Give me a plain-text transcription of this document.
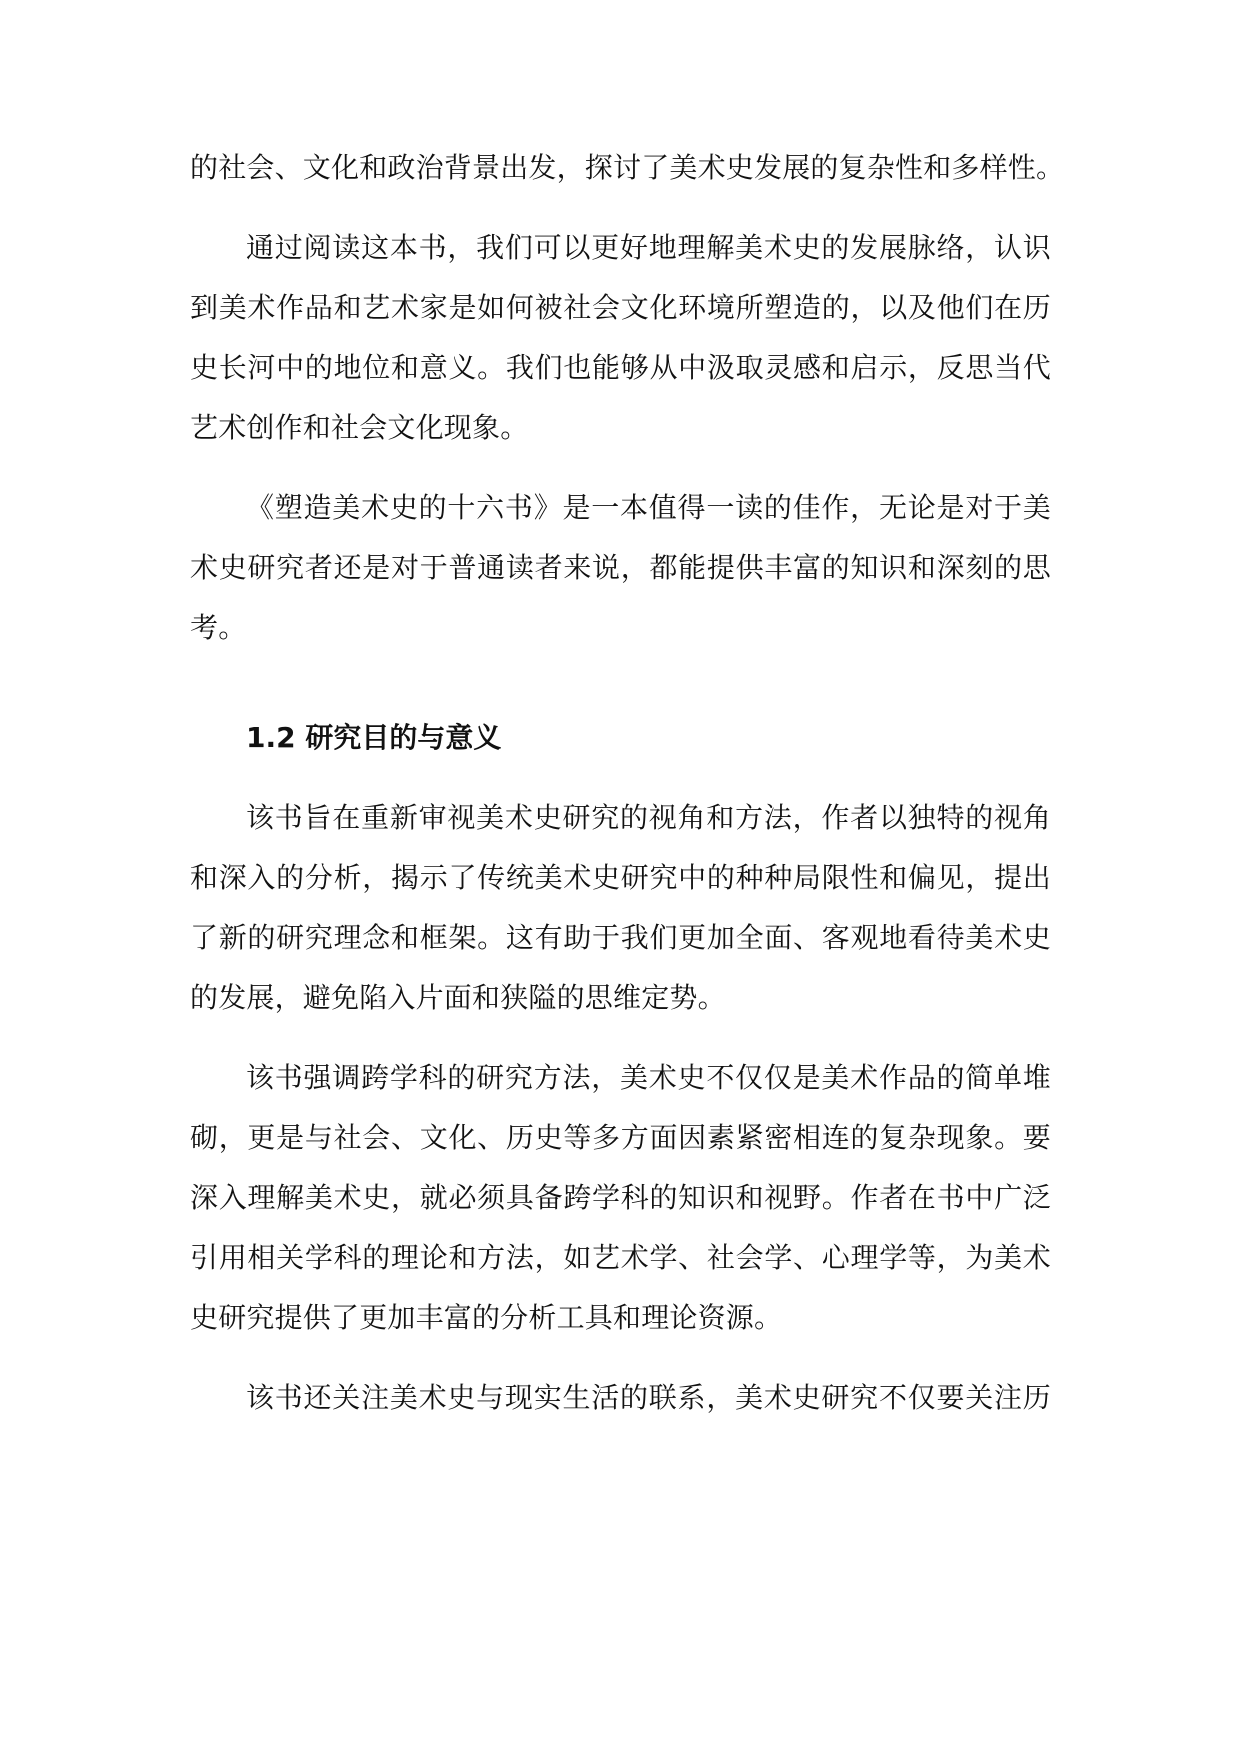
的社会、文化和政治背景出发，探讨了美术史发展的复杂性和多样性。
通过阅读这本书，我们可以更好地理解美术史的发展脉络，认识
到美术作品和艺术家是如何被社会文化环境所塑造的，以及他们在历
史长河中的地位和意义。我们也能够从中汲取灵感和启示，反思当代
艺术创作和社会文化现象。
《塑造美术史的十六书》是一本值得一读的佳作，无论是对于美
术史研究者还是对于普通读者来说，都能提供丰富的知识和深刻的思
考。
1.2 研究目的与意义
该书旨在重新审视美术史研究的视角和方法，作者以独特的视角
和深入的分析，揭示了传统美术史研究中的种种局限性和偏见，提出
了新的研究理念和框架。这有助于我们更加全面、客观地看待美术史
的发展，避免陷入片面和狭隘的思维定势。
该书强调跨学科的研究方法，美术史不仅仅是美术作品的简单堆
砌，更是与社会、文化、历史等多方面因素紧密相连的复杂现象。要
深入理解美术史，就必须具备跨学科的知识和视野。作者在书中广泛
引用相关学科的理论和方法，如艺术学、社会学、心理学等，为美术
史研究提供了更加丰富的分析工具和理论资源。
该书还关注美术史与现实生活的联系，美术史研究不仅要关注历
